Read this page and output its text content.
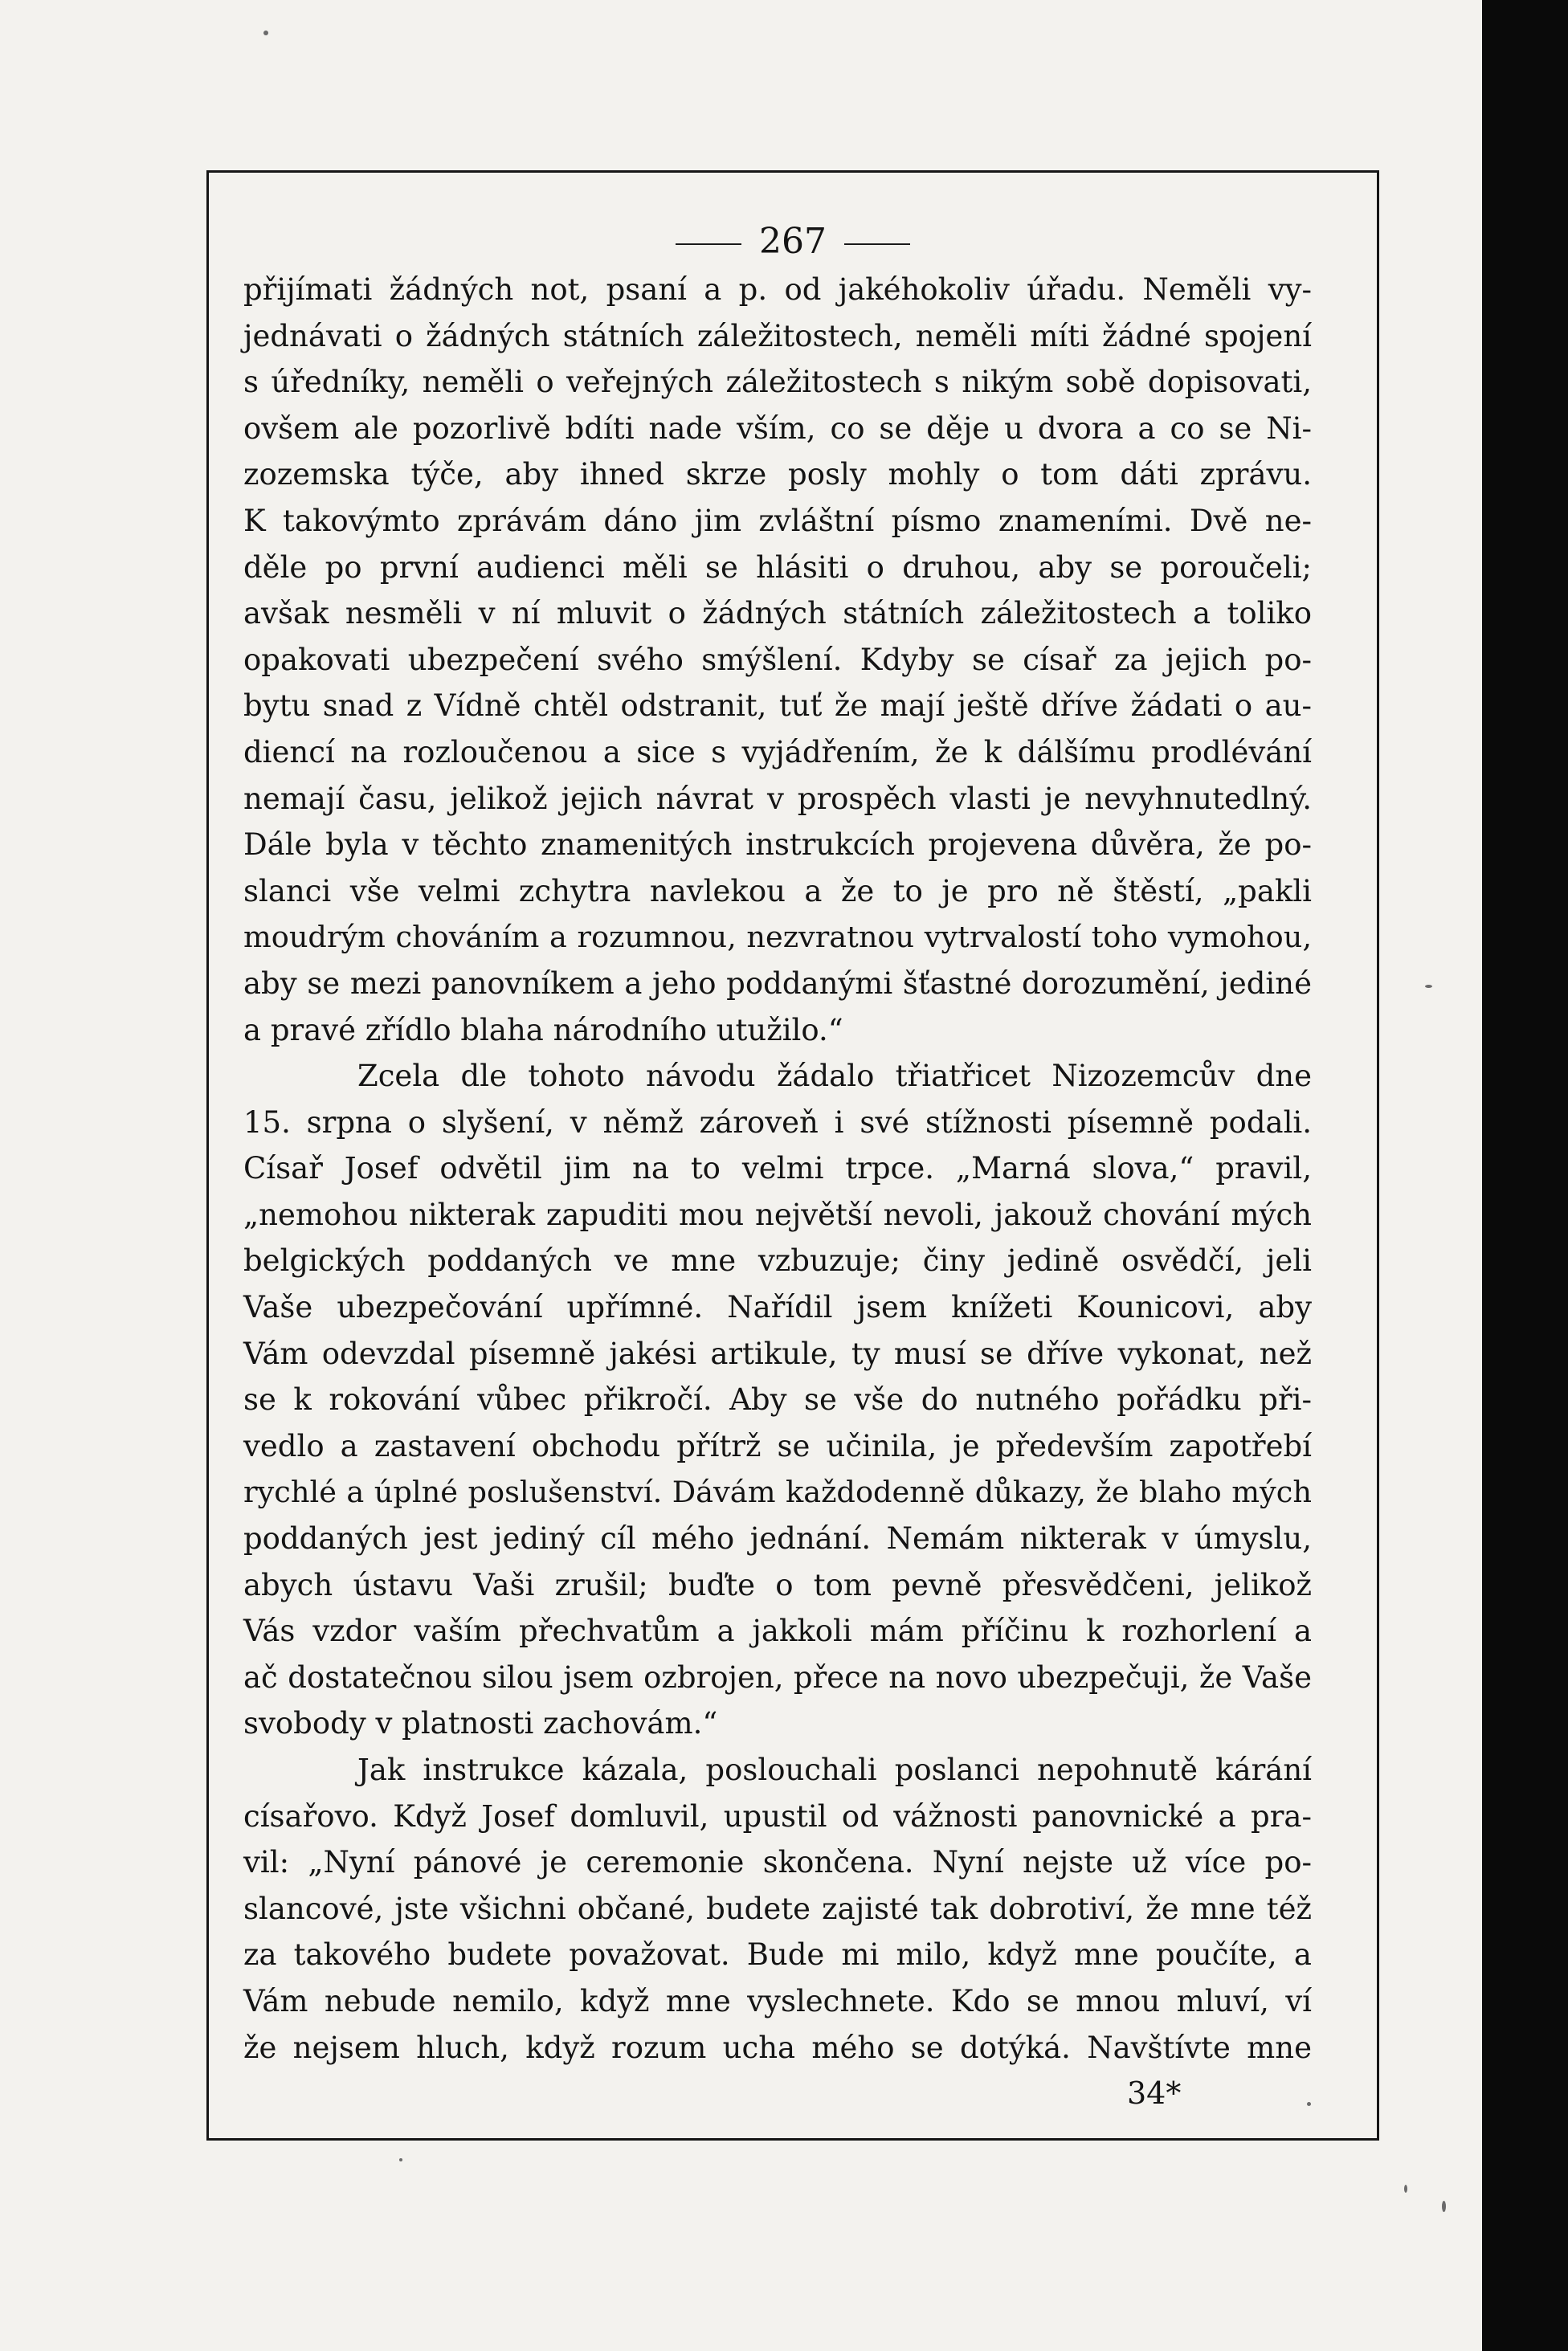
267
přijímati žádných not, psaní a p. od jakéhokoliv úřadu. Neměli vy-
jednávati o žádných státních záležitostech, neměli míti žádné spojení
s úředníky, neměli o veřejných záležitostech s nikým sobě dopisovati,
ovšem ale pozorlivě bdíti nade vším, co se děje u dvora a co se Ni-
zozemska týče, aby ihned skrze posly mohly o tom dáti zprávu.
K takovýmto zprávám dáno jim zvláštní písmo znameními. Dvě ne-
děle po první audienci měli se hlásiti o druhou, aby se poroučeli;
avšak nesměli v ní mluvit o žádných státních záležitostech a toliko
opakovati ubezpečení svého smýšlení. Kdyby se císař za jejich po-
bytu snad z Vídně chtěl odstranit, tuť že mají ještě dříve žádati o au-
diencí na rozloučenou a sice s vyjádřením, že k dálšímu prodlévání
nemají času, jelikož jejich návrat v prospěch vlasti je nevyhnutedlný.
Dále byla v těchto znamenitých instrukcích projevena důvěra, že po-
slanci vše velmi zchytra navlekou a že to je pro ně štěstí, „pakli
moudrým chováním a rozumnou, nezvratnou vytrvalostí toho vymohou,
aby se mezi panovníkem a jeho poddanými šťastné dorozumění, jediné
a pravé zřídlo blaha národního utužilo.“
Zcela dle tohoto návodu žádalo třiatřicet Nizozemcův dne
15. srpna o slyšení, v němž zároveň i své stížnosti písemně podali.
Císař Josef odvětil jim na to velmi trpce. „Marná slova,“ pravil,
„nemohou nikterak zapuditi mou největší nevoli, jakouž chování mých
belgických poddaných ve mne vzbuzuje; činy jedině osvědčí, jeli
Vaše ubezpečování upřímné. Nařídil jsem knížeti Kounicovi, aby
Vám odevzdal písemně jakési artikule, ty musí se dříve vykonat, než
se k rokování vůbec přikročí. Aby se vše do nutného pořádku při-
vedlo a zastavení obchodu přítrž se učinila, je především zapotřebí
rychlé a úplné poslušenství. Dávám každodenně důkazy, že blaho mých
poddaných jest jediný cíl mého jednání. Nemám nikterak v úmyslu,
abych ústavu Vaši zrušil; buďte o tom pevně přesvědčeni, jelikož
Vás vzdor vaším přechvatům a jakkoli mám příčinu k rozhorlení a
ač dostatečnou silou jsem ozbrojen, přece na novo ubezpečuji, že Vaše
svobody v platnosti zachovám.“
Jak instrukce kázala, poslouchali poslanci nepohnutě kárání
císařovo. Když Josef domluvil, upustil od vážnosti panovnické a pra-
vil: „Nyní pánové je ceremonie skončena. Nyní nejste už více po-
slancové, jste všichni občané, budete zajisté tak dobrotiví, že mne též
za takového budete považovat. Bude mi milo, když mne poučíte, a
Vám nebude nemilo, když mne vyslechnete. Kdo se mnou mluví, ví
že nejsem hluch, když rozum ucha mého se dotýká. Navštívte mne
34*
